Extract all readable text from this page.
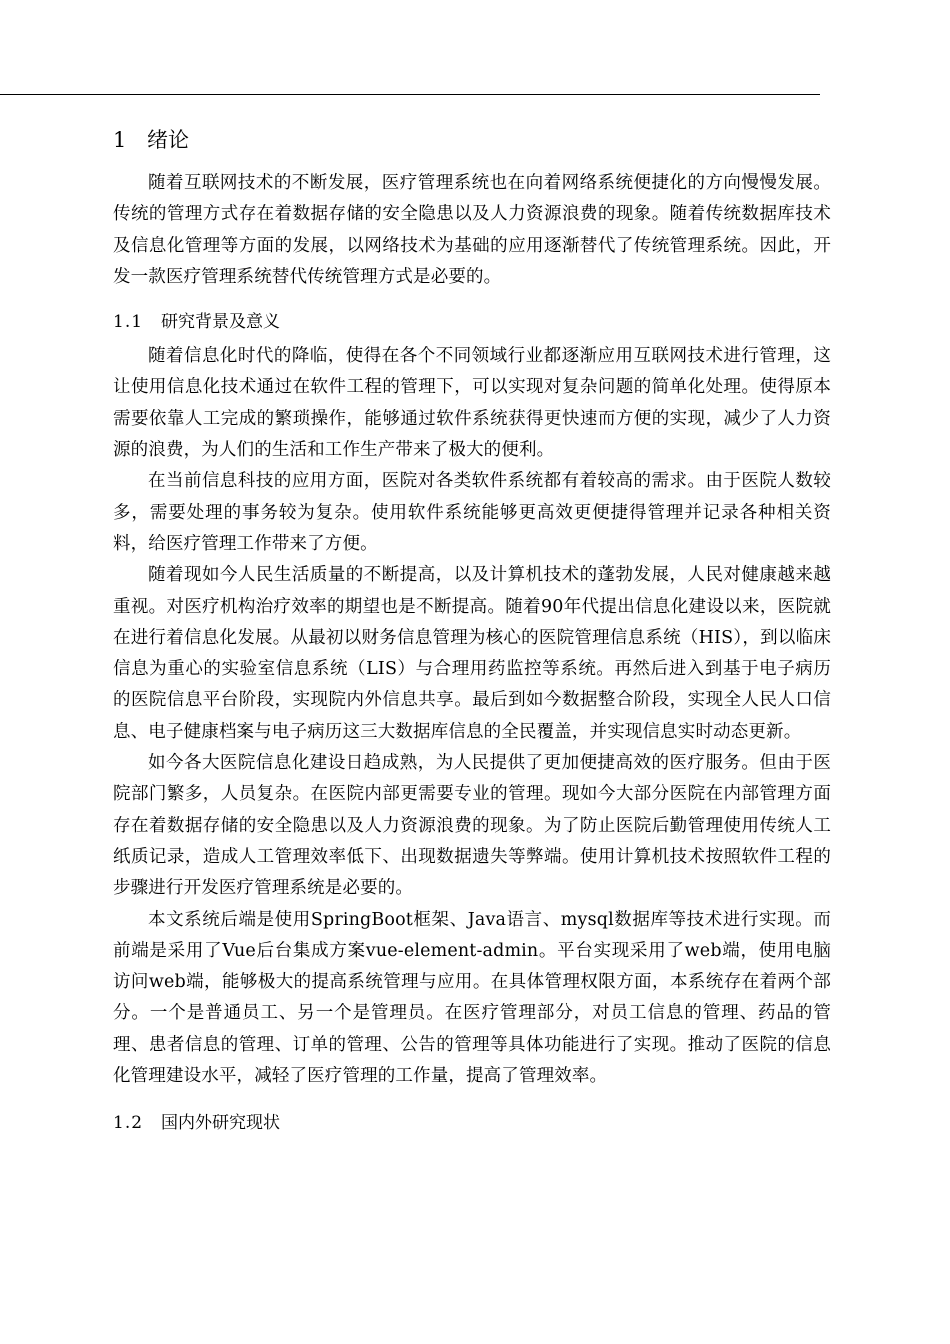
1 绪论

随着互联网技术的不断发展，医疗管理系统也在向着网络系统便捷化的方向慢慢发展。传统的管理方式存在着数据存储的安全隐患以及人力资源浪费的现象。随着传统数据库技术及信息化管理等方面的发展，以网络技术为基础的应用逐渐替代了传统管理系统。因此，开发一款医疗管理系统替代传统管理方式是必要的。

1.1 研究背景及意义

随着信息化时代的降临，使得在各个不同领域行业都逐渐应用互联网技术进行管理，这让使用信息化技术通过在软件工程的管理下，可以实现对复杂问题的简单化处理。使得原本需要依靠人工完成的繁琐操作，能够通过软件系统获得更快速而方便的实现，减少了人力资源的浪费，为人们的生活和工作生产带来了极大的便利。

在当前信息科技的应用方面，医院对各类软件系统都有着较高的需求。由于医院人数较多，需要处理的事务较为复杂。使用软件系统能够更高效更便捷得管理并记录各种相关资料，给医疗管理工作带来了方便。

随着现如今人民生活质量的不断提高，以及计算机技术的蓬勃发展，人民对健康越来越重视。对医疗机构治疗效率的期望也是不断提高。随着90年代提出信息化建设以来，医院就在进行着信息化发展。从最初以财务信息管理为核心的医院管理信息系统（HIS），到以临床信息为重心的实验室信息系统（LIS）与合理用药监控等系统。再然后进入到基于电子病历的医院信息平台阶段，实现院内外信息共享。最后到如今数据整合阶段，实现全人民人口信息、电子健康档案与电子病历这三大数据库信息的全民覆盖，并实现信息实时动态更新。

如今各大医院信息化建设日趋成熟，为人民提供了更加便捷高效的医疗服务。但由于医院部门繁多，人员复杂。在医院内部更需要专业的管理。现如今大部分医院在内部管理方面存在着数据存储的安全隐患以及人力资源浪费的现象。为了防止医院后勤管理使用传统人工纸质记录，造成人工管理效率低下、出现数据遗失等弊端。使用计算机技术按照软件工程的步骤进行开发医疗管理系统是必要的。

本文系统后端是使用SpringBoot框架、Java语言、mysql数据库等技术进行实现。而前端是采用了Vue后台集成方案vue-element-admin。平台实现采用了web端，使用电脑访问web端，能够极大的提高系统管理与应用。在具体管理权限方面，本系统存在着两个部分。一个是普通员工、另一个是管理员。在医疗管理部分，对员工信息的管理、药品的管理、患者信息的管理、订单的管理、公告的管理等具体功能进行了实现。推动了医院的信息化管理建设水平，减轻了医疗管理的工作量，提高了管理效率。

1.2 国内外研究现状
